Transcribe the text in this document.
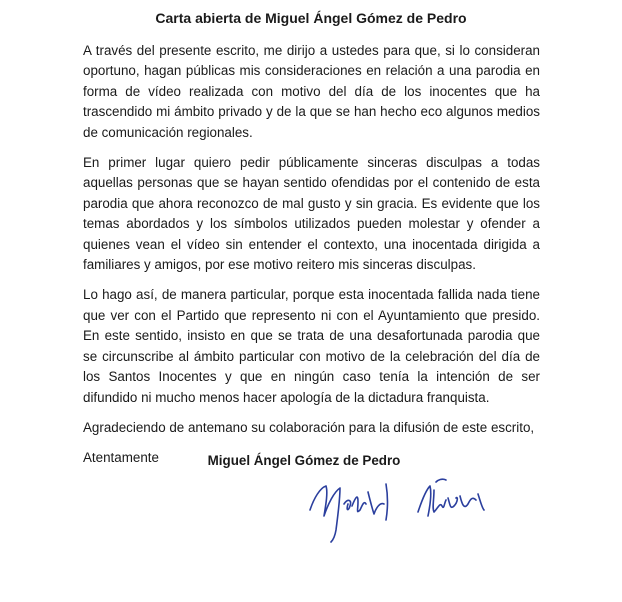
Carta abierta de Miguel Ángel Gómez de Pedro

A través del presente escrito, me dirijo a ustedes para que, si lo consideran oportuno, hagan públicas mis consideraciones en relación a una parodia en forma de vídeo realizada con motivo del día de los inocentes que ha trascendido mi ámbito privado y de la que se han hecho eco algunos medios de comunicación regionales.

En primer lugar quiero pedir públicamente sinceras disculpas a todas aquellas personas que se hayan sentido ofendidas por el contenido de esta parodia que ahora reconozco de mal gusto y sin gracia. Es evidente que los temas abordados y los símbolos utilizados pueden molestar y ofender a quienes vean el vídeo sin entender el contexto, una inocentada dirigida a familiares y amigos, por ese motivo reitero mis sinceras disculpas.

Lo hago así, de manera particular, porque esta inocentada fallida nada tiene que ver con el Partido que represento ni con el Ayuntamiento que presido. En este sentido, insisto en que se trata de una desafortunada parodia que se circunscribe al ámbito particular con motivo de la celebración del día de los Santos Inocentes y que en ningún caso tenía la intención de ser difundido ni mucho menos hacer apología de la dictadura franquista.

Agradeciendo de antemano su colaboración para la difusión de este escrito,

Atentamente	Miguel Ángel Gómez de Pedro
